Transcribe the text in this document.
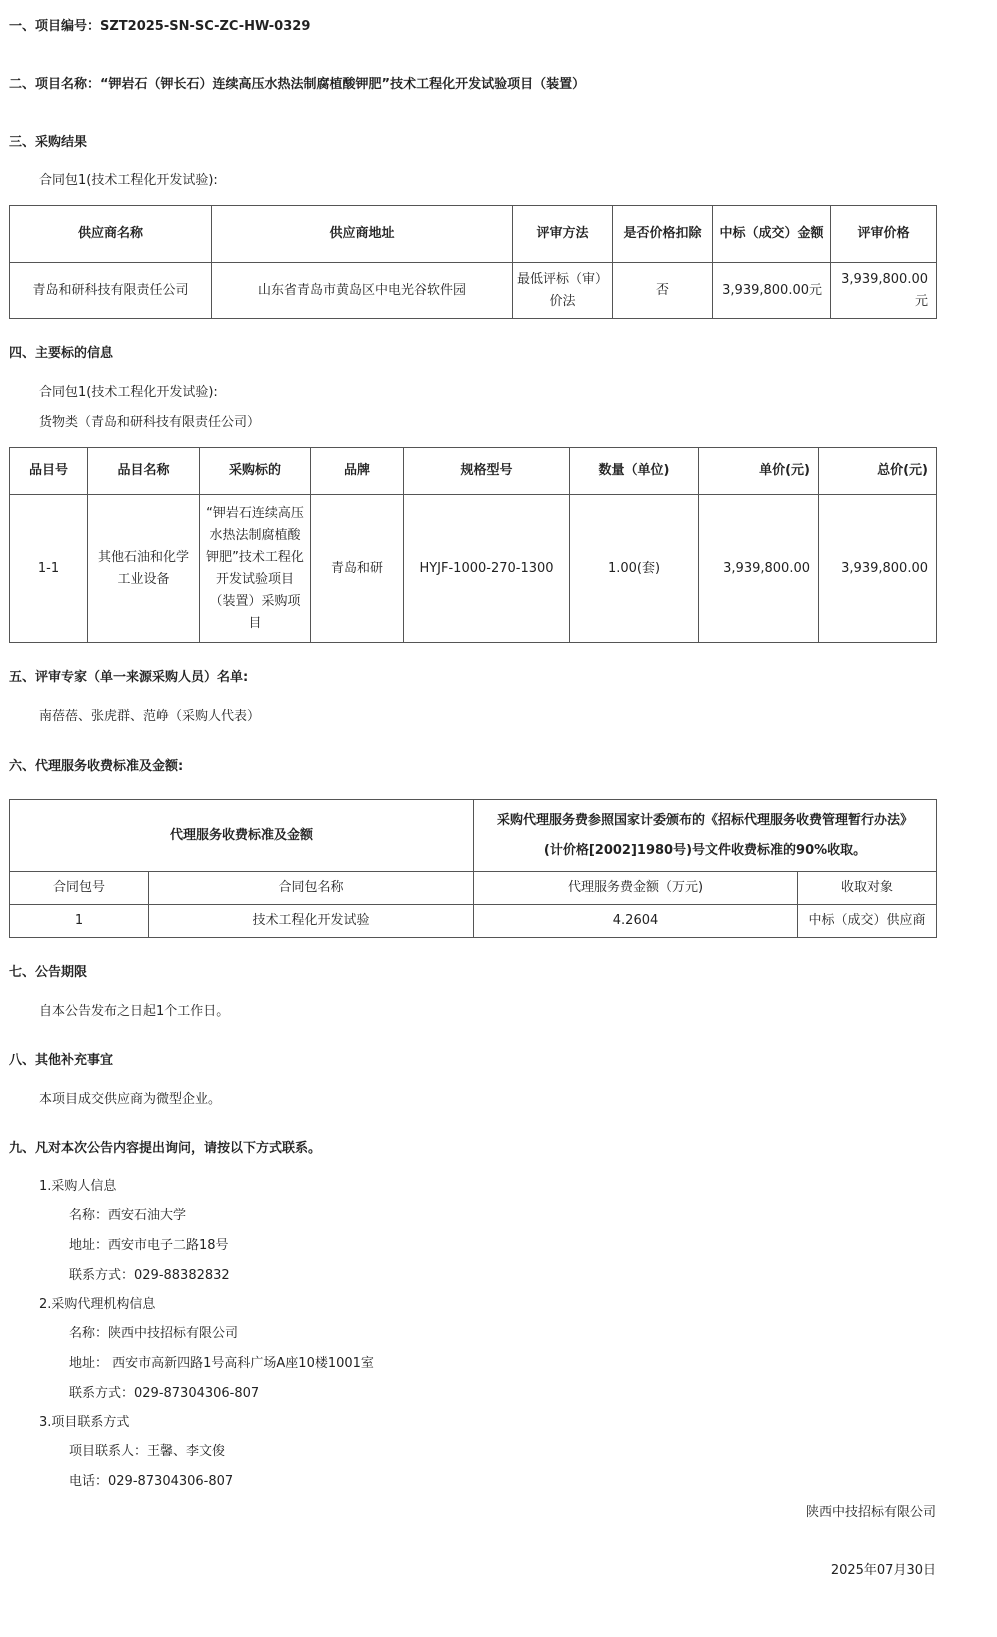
一、项目编号：SZT2025-SN-SC-ZC-HW-0329
二、项目名称：“钾岩石（钾长石）连续高压水热法制腐植酸钾肥”技术工程化开发试验项目（装置）
三、采购结果
合同包1(技术工程化开发试验):
供应商名称	供应商地址	评审方法	是否价格扣除	中标（成交）金额	评审价格
青岛和研科技有限责任公司	山东省青岛市黄岛区中电光谷软件园	最低评标（审）价法	否	3,939,800.00元	3,939,800.00元
四、主要标的信息
合同包1(技术工程化开发试验):
货物类（青岛和研科技有限责任公司）
品目号	品目名称	采购标的	品牌	规格型号	数量（单位)	单价(元)	总价(元)
1-1	其他石油和化学工业设备	“钾岩石连续高压水热法制腐植酸钾肥”技术工程化开发试验项目（装置）采购项目	青岛和研	HYJF-1000-270-1300	1.00(套)	3,939,800.00	3,939,800.00
五、评审专家（单一来源采购人员）名单:
南蓓蓓、张虎群、范峥（采购人代表）
六、代理服务收费标准及金额:
代理服务收费标准及金额		采购代理服务费参照国家计委颁布的《招标代理服务收费管理暂行办法》
(计价格[2002]1980号)号文件收费标准的90%收取。	

合同包号	合同包名称	代理服务费金额（万元)	收取对象
1	技术工程化开发试验	4.2604	中标（成交）供应商
七、公告期限
自本公告发布之日起1个工作日。
八、其他补充事宜
本项目成交供应商为微型企业。
九、凡对本次公告内容提出询问，请按以下方式联系。
1.采购人信息
名称：西安石油大学
地址：西安市电子二路18号
联系方式：029-88382832
2.采购代理机构信息
名称：陕西中技招标有限公司
地址： 西安市高新四路1号高科广场A座10楼1001室
联系方式：029-87304306-807
3.项目联系方式
项目联系人：王馨、李文俊
电话：029-87304306-807
陕西中技招标有限公司
2025年07月30日
